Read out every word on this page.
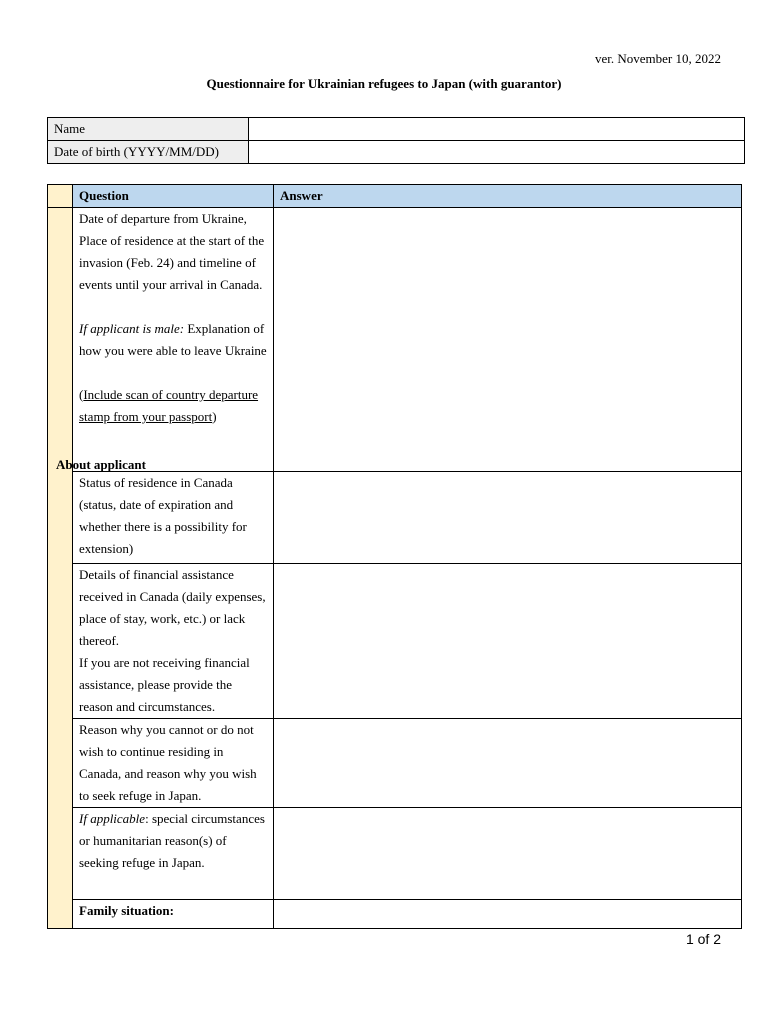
ver. November 10, 2022
Questionnaire for Ukrainian refugees to Japan (with guarantor)
Name	
Date of birth (YYYY/MM/DD)	
	Question	Answer

About applicant	Date of departure from Ukraine, Place of residence at the start of the invasion (Feb. 24) and timeline of events until your arrival in Canada.

If applicant is male: Explanation of how you were able to leave Ukraine

(Include scan of country departure stamp from your passport)	

	Status of residence in Canada (status, date of expiration and whether there is a possibility for extension)	

	Details of financial assistance received in Canada (daily expenses, place of stay, work, etc.) or lack thereof.

If you are not receiving financial assistance, please provide the reason and circumstances.	

	Reason why you cannot or do not wish to continue residing in Canada, and reason why you wish to seek refuge in Japan.	

	If applicable: special circumstances or humanitarian reason(s) of seeking refuge in Japan.	

	Family situation:	

1 of 2
